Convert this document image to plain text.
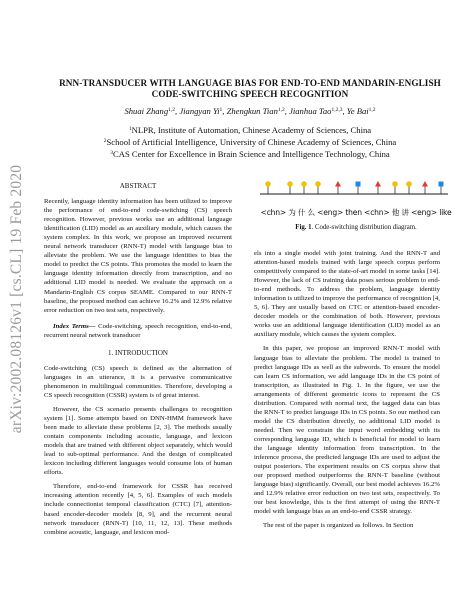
arXiv:2002.08126v1 [cs.CL] 19 Feb 2020
RNN-TRANSDUCER WITH LANGUAGE BIAS FOR END-TO-END MANDARIN-ENGLISH
CODE-SWITCHING SPEECH RECOGNITION
Shuai Zhang$^{1,2}$, Jiangyan Yi$^1$, Zhengkun Tian$^{1,2}$, Jianhua Tao$^{1,2,3}$, Ye Bai$^{1,2}$
$^1$NLPR, Institute of Automation, Chinese Academy of Sciences, China
$^2$School of Artificial Intelligence, University of Chinese Academy of Sciences, China
$^3$CAS Center for Excellence in Brain Science and Intelligence Technology, China

ABSTRACT

Recently, language identity information has been utilized to improve the performance of end-to-end code-switching (CS) speech recognition. However, previous works use an additional language identification (LID) model as an auxiliary module, which causes the system complex. In this work, we propose an improved recurrent neural network transducer (RNN-T) model with language bias to alleviate the problem. We use the language identities to bias the model to predict the CS points. This promotes the model to learn the language identity information directly from transcription, and no additional LID model is needed. We evaluate the approach on a Mandarin-English CS corpus SEAME. Compared to our RNN-T baseline, the proposed method can achieve 16.2% and 12.9% relative error reduction on two test sets, respectively.

Index Terms— Code-switching, speech recognition, end-to-end, recurrent neural network transducer

1. INTRODUCTION

Code-switching (CS) speech is defined as the alternation of languages in an utterance, it is a pervasive communicative phenomenon in multilingual communities. Therefore, developing a CS speech recognition (CSSR) system is of great interest.

However, the CS scenario presents challenges to recognition system [1]. Some attempts based on DNN-HMM framework have been made to alleviate these problems [2, 3]. The methods usually contain components including acoustic, language, and lexicon models that are trained with different object separately, which would lead to sub-optimal performance. And the design of complicated lexicon including different languages would consume lots of human efforts.

Therefore, end-to-end framework for CSSR has received increasing attention recently [4, 5, 6]. Examples of such models include connectionist temporal classification (CTC) [7], attention-based encoder-decoder models [8, 9], and the recurrent neural network transducer (RNN-T) [10, 11, 12, 13]. These methods combine acoustic, language, and lexicon mod-

<chn> 为 什 么 <eng> then <chn> 他 讲 <eng> like
Fig. 1. Code-switching distribution diagram.

els into a single model with joint training. And the RNN-T and attention-based models trained with large speech corpus perform competitively compared to the state-of-art model in some tasks [14]. However, the lack of CS training data poses serious problem to end-to-end methods. To address the problem, language identity information is utilized to improve the performance of recognition [4, 5, 6]. They are usually based on CTC or attention-based encoder-decoder models or the combination of both. However, previous works use an additional language identification (LID) model as an auxiliary module, which causes the system complex.

In this paper, we propose an improved RNN-T model with language bias to alleviate the problem. The model is trained to predict language IDs as well as the subwords. To ensure the model can learn CS information, we add language IDs in the CS point of transcription, as illustrated in Fig. 1. In the figure, we use the arrangements of different geometric icons to represent the CS distribution. Compared with normal text, the tagged data can bias the RNN-T to predict language IDs in CS points. So our method can model the CS distribution directly, no additional LID model is needed. Then we constrain the input word embedding with its corresponding language ID, which is beneficial for model to learn the language identity information from transcription. In the inference process, the predicted language IDs are used to adjust the output posteriors. The experiment results on CS corpus show that our proposed method outperforms the RNN-T baseline (without language bias) significantly. Overall, our best model achieves 16.2% and 12.9% relative error reduction on two test sets, respectively. To our best knowledge, this is the first attempt of using the RNN-T model with language bias as an end-to-end CSSR strategy.

The rest of the paper is organized as follows. In Section
